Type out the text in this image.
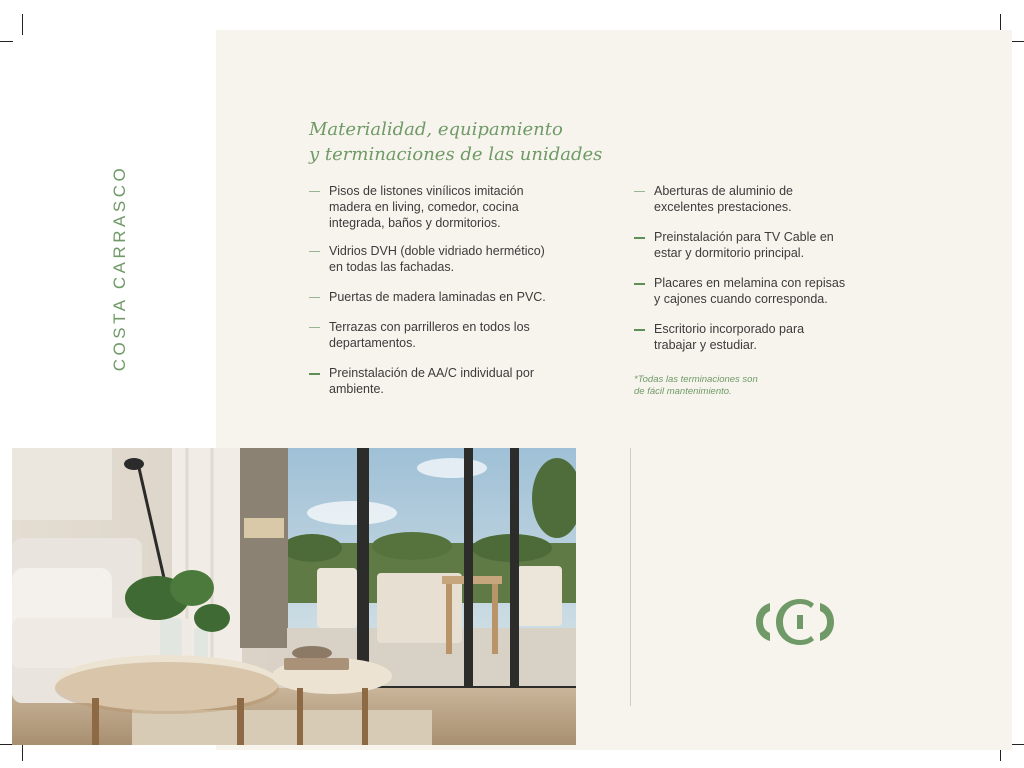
COSTA CARRASCO
Materialidad, equipamiento
y terminaciones de las unidades
Pisos de listones vinílicos imitación
madera en living, comedor, cocina
integrada, baños y dormitorios.
Vidrios DVH (doble vidriado hermético)
en todas las fachadas.
Puertas de madera laminadas en PVC.
Terrazas con parrilleros en todos los
departamentos.
Preinstalación de AA/C individual por
ambiente.
Aberturas de aluminio de
excelentes prestaciones.
Preinstalación para TV Cable en
estar y dormitorio principal.
Placares en melamina con repisas
y cajones cuando corresponda.
Escritorio incorporado para
trabajar y estudiar.

*Todas las terminaciones son
de fácil mantenimiento.
